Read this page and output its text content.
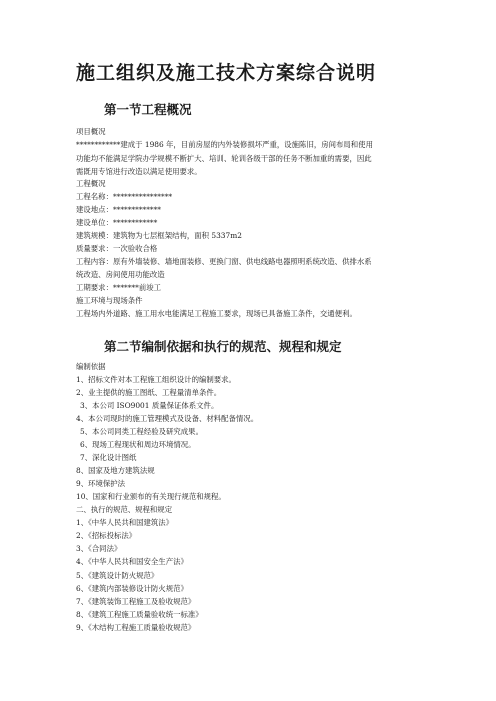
施工组织及施工技术方案综合说明
第一节工程概况
项目概况
************建成于 1986 年，目前房屋的内外装修损坏严重，设施陈旧，房间布局和使用
功能均不能满足学院办学规模不断扩大、培训、轮训各级干部的任务不断加重的需要，因此
需既用专馆进行改造以满足使用要求。
工程概况
工程名称：****************
建设地点：*************
建设单位：************
建筑规模：建筑物为七层框架结构，面积 5337m2
质量要求：一次验收合格
工程内容：原有外墙装修、墙地面装修、更换门窗、供电线路电器照明系统改造、供排水系
统改造、房间使用功能改造
工期要求：*******前竣工
施工环境与现场条件
工程场内外道路、施工用水电能满足工程施工要求，现场已具备施工条件，交通便利。
第二节编制依据和执行的规范、规程和规定
编制依据
1、招标文件对本工程施工组织设计的编制要求。
2、业主提供的施工图纸、工程量清单条件。
3、本公司 ISO9001 质量保证体系文件。
4、本公司现时的施工管理模式及设备、材料配备情况。
5、本公司同类工程经验及研究成果。
6、现场工程现状和周边环境情况。
7、深化设计图纸
8、国家及地方建筑法规
9、环境保护法
10、国家和行业颁布的有关现行规范和规程。
二、执行的规范、规程和规定
1、《中华人民共和国建筑法》
2、《招标投标法》
3、《合同法》
4、《中华人民共和国安全生产法》
5、《建筑设计防火规范》
6、《建筑内部装修设计防火规范》
7、《建筑装饰工程施工及验收规范》
8、《建筑工程施工质量验收统一标准》
9、《木结构工程施工质量验收规范》
